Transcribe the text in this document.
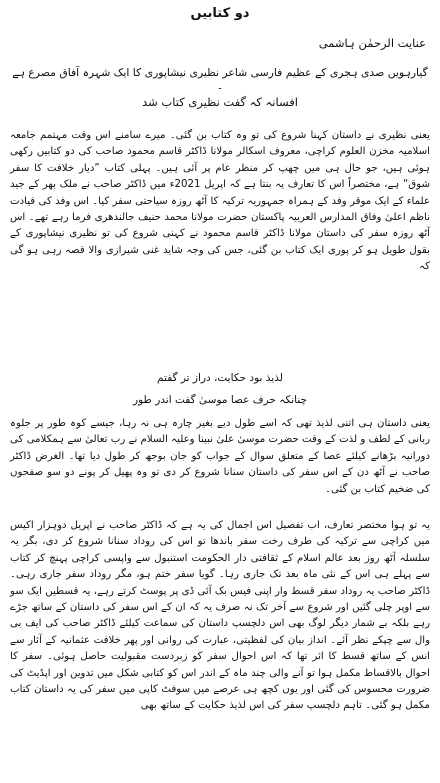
دو کتابیں
عنایت الرحمٰن ہاشمی
گیارہویں صدی ہجری کے عظیم فارسی شاعر نظیری نیشاپوری کا ایک شہرہ آفاق مصرع ہے ۔
افسانہ کہ گفت نظیری کتاب شد

یعنی نظیری نے داستان کہنا شروع کی تو وہ کتاب بن گئی۔ میرے سامنے اس وقت مہتمم جامعہ اسلامیہ مخزن العلوم کراچی، معروف اسکالر مولانا ڈاکٹر قاسم محمود صاحب کی دو کتابیں رکھی ہوئی ہیں، جو حال ہی میں چھپ کر منظر عام پر آئی ہیں۔ پہلی کتاب ”دیار خلافت کا سفر شوق“ ہے، مختصراً اس کا تعارف یہ بنتا ہے کہ اپریل 2021ء میں ڈاکٹر صاحب نے ملک بھر کے جید علماء کے ایک موقر وفد کے ہمراہ جمہوریہ ترکیہ کا آٹھ روزہ سیاحتی سفر کیا۔ اس وفد کی قیادت ناظم اعلیٰ وفاق المدارس العربیہ پاکستان حضرت مولانا محمد حنیف جالندھری فرما رہے تھے۔ اس آٹھ روزہ سفر کی داستان مولانا ڈاکٹر قاسم محمود نے کہنی شروع کی تو نظیری نیشاپوری کے بقول طویل ہو کر پوری ایک کتاب بن گئی، جس کی وجہ شاید غنی شیرازی والا قصہ رہی ہو گی کہ

لذیذ بود حکایت، دراز تر گفتم
چنانکہ حرف عصا موسیٰ گفت اندر طور

یعنی داستان ہی اتنی لذیذ تھی کہ اسے طول دیے بغیر چارہ ہی نہ رہا، جیسے کوہ طور پر جلوہ ربانی کے لطف و لذت کے وقت حضرت موسیٰ علیٰ نبینا وعلیہ السلام نے رب تعالیٰ سے ہمکلامی کی دورانیہ بڑھانے کیلئے عصا کے متعلق سوال کے جواب کو جان بوجھ کر طول دیا تھا۔ الغرض ڈاکٹر صاحب نے آٹھ دن کے اس سفر کی داستان سنانا شروع کر دی تو وہ پھیل کر پونے دو سو صفحوں کی ضخیم کتاب بن گئی۔

یہ تو ہوا مختصر تعارف، اب تفصیل اس اجمال کی یہ ہے کہ ڈاکٹر صاحب نے اپریل دوہزار اکیس میں کراچی سے ترکیہ کی طرف رخت سفر باندھا تو اس کی روداد سنانا شروع کر دی، بگر یہ سلسلہ آٹھ روز بعد عالم اسلام کے ثقافتی دار الحکومت استنبول سے واپسی کراچی پہنچ کر کتاب سے پہلے ہی اس کے نئی ماہ بعد تک جاری رہا۔ گویا سفر ختم ہو، مگر روداد سفر جاری رہی۔ ڈاکٹر صاحب یہ روداد سفر قسط وار اپنی فیس بک آئی ڈی پر پوسٹ کرتے رہے، یہ قسطیں ایک سو سے اوپر چلی گئیں اور شروع سے آخر تک نہ صرف یہ کہ ان کے اس سفر کی داستان کے ساتھ جڑے رہے بلکہ بے شمار دیگر لوگ بھی اس دلچسپ داستان کی سماعت کیلئے ڈاکٹر صاحب کی ایف بی وال سے چپکے نظر آئے۔ انداز بیان کی لفظیتی، عبارت کی روانی اور پھر خلافت عثمانیہ کے آثار سے انس کے ساتھ قسط کا اثر تھا کہ اس احوال سفر کو زبردست مقبولیت حاصل ہوئی۔ سفر کا احوال بالاقساط مکمل ہوا تو آنے والی چند ماہ کے اندر اس کو کتابی شکل میں تدوین اور اپڈیٹ کی ضرورت محسوس کی گئی اور یوں کچھ ہی عرصے میں سوفٹ کاپی میں سفر کی یہ داستان کتاب مکمل ہو گئی۔ تاہم دلچسپ سفر کی اس لذیذ حکایت کے ساتھ بھی
